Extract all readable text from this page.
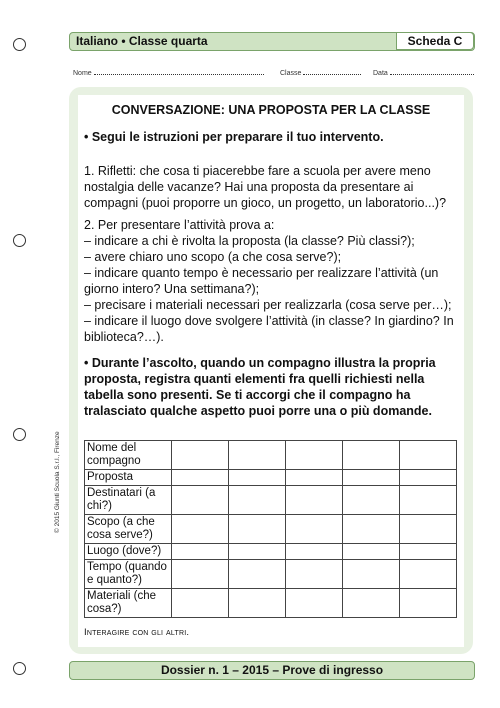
Italiano • Classe quarta	Scheda C
Nome	Classe	Data
CONVERSAZIONE: UNA PROPOSTA PER LA CLASSE

• Segui le istruzioni per preparare il tuo intervento.

1. Rifletti: che cosa ti piacerebbe fare a scuola per avere meno nostalgia delle vacanze? Hai una proposta da presentare ai compagni (puoi proporre un gioco, un progetto, un laboratorio...)?

2. Per presentare l’attività prova a:
– indicare a chi è rivolta la proposta (la classe? Più classi?);
– avere chiaro uno scopo (a che cosa serve?);
– indicare quanto tempo è necessario per realizzare l’attività (un giorno intero? Una settimana?);
– precisare i materiali necessari per realizzarla (cosa serve per…);
– indicare il luogo dove svolgere l’attività (in classe? In giardino? In biblioteca?…).

• Durante l’ascolto, quando un compagno illustra la propria proposta, registra quanti elementi fra quelli richiesti nella tabella sono presenti. Se ti accorgi che il compagno ha tralasciato qualche aspetto puoi porre una o più domande.

Nome del compagno					
Proposta					
Destinatari (a chi?)					
Scopo (a che cosa serve?)					
Luogo (dove?)					
Tempo (quando e quanto?)					
Materiali (che cosa?)					
Interagire con gli altri.
© 2015 Giunti Scuola S.r.l., Firenze
Dossier n. 1 – 2015 – Prove di ingresso
